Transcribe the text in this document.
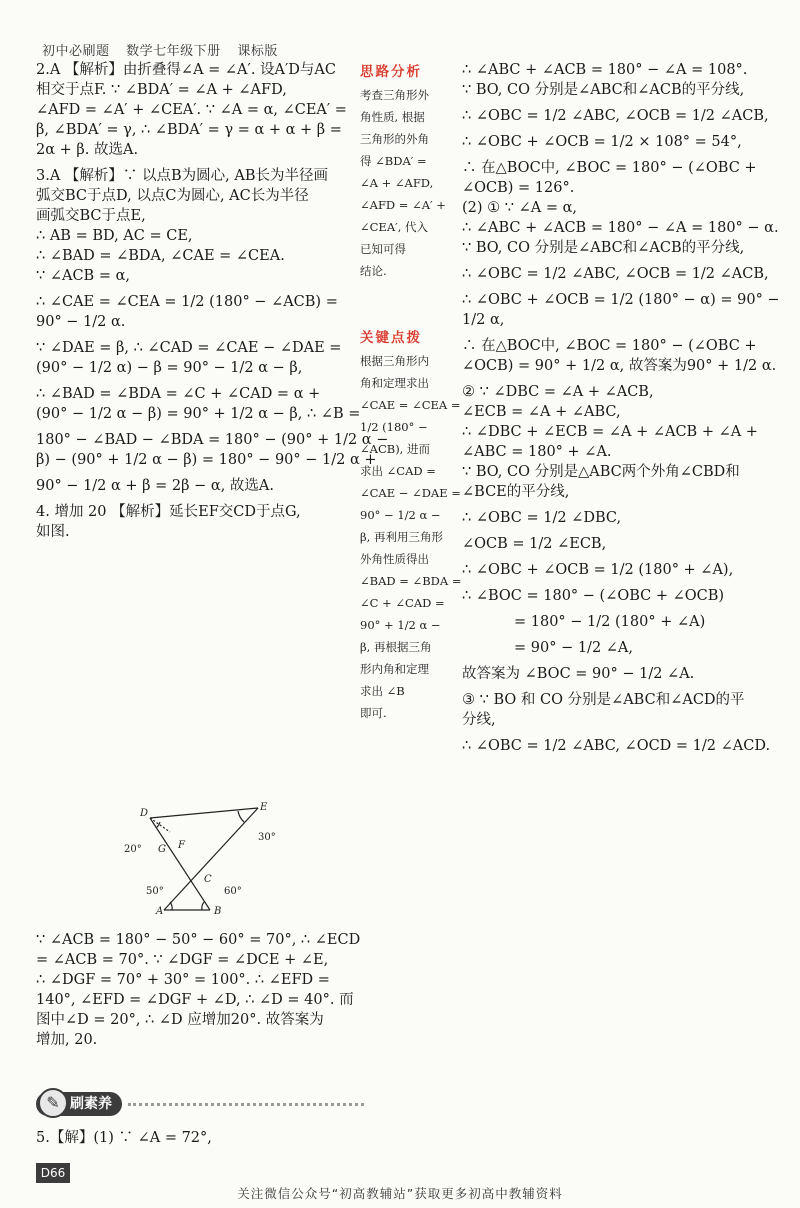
初中必刷题 数学七年级下册 课标版
2.A 【解析】由折叠得∠A = ∠A′. 设A′D与AC
相交于点F. ∵ ∠BDA′ = ∠A + ∠AFD,
∠AFD = ∠A′ + ∠CEA′. ∵ ∠A = α, ∠CEA′ =
β, ∠BDA′ = γ, ∴ ∠BDA′ = γ = α + α + β =
2α + β. 故选A.
3.A 【解析】∵ 以点B为圆心, AB长为半径画
弧交BC于点D, 以点C为圆心, AC长为半径
画弧交BC于点E,
∴ AB = BD, AC = CE,
∴ ∠BAD = ∠BDA, ∠CAE = ∠CEA.
∵ ∠ACB = α,
∴ ∠CAE = ∠CEA = 1/2 (180° − ∠ACB) =
90° − 1/2 α.
∵ ∠DAE = β, ∴ ∠CAD = ∠CAE − ∠DAE =
(90° − 1/2 α) − β = 90° − 1/2 α − β,
∴ ∠BAD = ∠BDA = ∠C + ∠CAD = α +
(90° − 1/2 α − β) = 90° + 1/2 α − β, ∴ ∠B =
180° − ∠BAD − ∠BDA = 180° − (90° + 1/2 α −
β) − (90° + 1/2 α − β) = 180° − 90° − 1/2 α +
90° − 1/2 α + β = 2β − α, 故选A.
4. 增加 20 【解析】延长EF交CD于点G,
如图.
∵ ∠ACB = 180° − 50° − 60° = 70°, ∴ ∠ECD
= ∠ACB = 70°. ∵ ∠DGF = ∠DCE + ∠E,
∴ ∠DGF = 70° + 30° = 100°. ∴ ∠EFD =
140°, ∠EFD = ∠DGF + ∠D, ∴ ∠D = 40°. 而
图中∠D = 20°, ∴ ∠D 应增加20°. 故答案为
增加, 20.
D
E
F
G
C
A	B
20°
30°
50°	60°
思路分析
考查三角形外
角性质, 根据
三角形的外角
得 ∠BDA′ =
∠A + ∠AFD,
∠AFD = ∠A′ +
∠CEA′, 代入
已知可得
结论.
关键点拨
根据三角形内
角和定理求出
∠CAE = ∠CEA =
1/2 (180° −
∠ACB), 进而
求出 ∠CAD =
∠CAE − ∠DAE =
90° − 1/2 α −
β, 再利用三角形
外角性质得出
∠BAD = ∠BDA =
∠C + ∠CAD =
90° + 1/2 α −
β, 再根据三角
形内角和定理
求出 ∠B
即可.
∴ ∠ABC + ∠ACB = 180° − ∠A = 108°.
∵ BO, CO 分别是∠ABC和∠ACB的平分线,
∴ ∠OBC = 1/2 ∠ABC, ∠OCB = 1/2 ∠ACB,
∴ ∠OBC + ∠OCB = 1/2 × 108° = 54°,
∴ 在△BOC中, ∠BOC = 180° − (∠OBC +
∠OCB) = 126°.
(2) ① ∵ ∠A = α,
∴ ∠ABC + ∠ACB = 180° − ∠A = 180° − α.
∵ BO, CO 分别是∠ABC和∠ACB的平分线,
∴ ∠OBC = 1/2 ∠ABC, ∠OCB = 1/2 ∠ACB,
∴ ∠OBC + ∠OCB = 1/2 (180° − α) = 90° −
1/2 α,
∴ 在△BOC中, ∠BOC = 180° − (∠OBC +
∠OCB) = 90° + 1/2 α, 故答案为90° + 1/2 α.
② ∵ ∠DBC = ∠A + ∠ACB,
∠ECB = ∠A + ∠ABC,
∴ ∠DBC + ∠ECB = ∠A + ∠ACB + ∠A +
∠ABC = 180° + ∠A.
∵ BO, CO 分别是△ABC两个外角∠CBD和
∠BCE的平分线,
∴ ∠OBC = 1/2 ∠DBC,
∠OCB = 1/2 ∠ECB,
∴ ∠OBC + ∠OCB = 1/2 (180° + ∠A),
∴ ∠BOC = 180° − (∠OBC + ∠OCB)
= 180° − 1/2 (180° + ∠A)
= 90° − 1/2 ∠A,
故答案为 ∠BOC = 90° − 1/2 ∠A.
③ ∵ BO 和 CO 分别是∠ABC和∠ACD的平
分线,
∴ ∠OBC = 1/2 ∠ABC, ∠OCD = 1/2 ∠ACD.
刷素养
✎
5.【解】(1) ∵ ∠A = 72°,
D66
关注微信公众号“初高教辅站”获取更多初高中教辅资料
